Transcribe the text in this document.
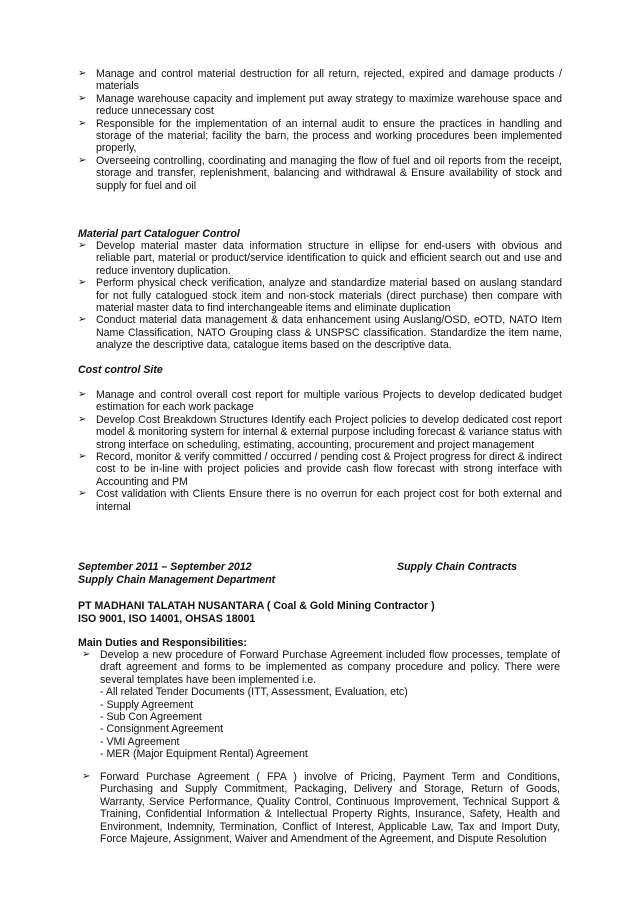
➢ Manage and control material destruction for all return, rejected, expired and damage products / materials
➢ Manage warehouse capacity and implement put away strategy to maximize warehouse space and reduce unnecessary cost
➢ Responsible for the implementation of an internal audit to ensure the practices in handling and storage of the material; facility the barn, the process and working procedures been implemented properly,
➢ Overseeing controlling, coordinating and managing the flow of fuel and oil reports from the receipt, storage and transfer, replenishment, balancing and withdrawal & Ensure availability of stock and supply for fuel and oil
Material part Cataloguer Control
➢ Develop material master data information structure in ellipse for end-users with obvious and reliable part, material or product/service identification to quick and efficient search out and use and reduce inventory duplication.
➢ Perform physical check verification, analyze and standardize material based on auslang standard for not fully catalogued stock item and non-stock materials (direct purchase) then compare with material master data to find interchangeable items and eliminate duplication
➢ Conduct material data management & data enhancement using Auslang/OSD, eOTD, NATO Item Name Classification, NATO Grouping class & UNSPSC classification. Standardize the item name, analyze the descriptive data, catalogue items based on the descriptive data.
Cost control Site
➢ Manage and control overall cost report for multiple various Projects to develop dedicated budget estimation for each work package
➢ Develop Cost Breakdown Structures Identify each Project policies to develop dedicated cost report model & monitoring system for internal & external purpose including forecast & variance status with strong interface on scheduling, estimating, accounting, procurement and project management
➢ Record, monitor & verify committed / occurred / pending cost & Project progress for direct & indirect cost to be in-line with project policies and provide cash flow forecast with strong interface with Accounting and PM
➢ Cost validation with Clients Ensure there is no overrun for each project cost for both external and internal
September 2011 – September 2012	Supply Chain Contracts
Supply Chain Management Department
PT MADHANI TALATAH NUSANTARA ( Coal & Gold Mining Contractor )
ISO 9001, ISO 14001, OHSAS 18001
Main Duties and Responsibilities:
➢ Develop a new procedure of Forward Purchase Agreement included flow processes, template of draft agreement and forms to be implemented as company procedure and policy. There were several templates have been implemented i.e.
- All related Tender Documents (ITT, Assessment, Evaluation, etc)
- Supply Agreement
- Sub Con Agreement
- Consignment Agreement
- VMI Agreement
- MER (Major Equipment Rental) Agreement
➢ Forward Purchase Agreement ( FPA ) involve of Pricing, Payment Term and Conditions, Purchasing and Supply Commitment, Packaging, Delivery and Storage, Return of Goods, Warranty, Service Performance, Quality Control, Continuous Improvement, Technical Support & Training, Confidential Information & Intellectual Property Rights, Insurance, Safety, Health and Environment, Indemnity, Termination, Conflict of Interest, Applicable Law, Tax and Import Duty, Force Majeure, Assignment, Waiver and Amendment of the Agreement, and Dispute Resolution
